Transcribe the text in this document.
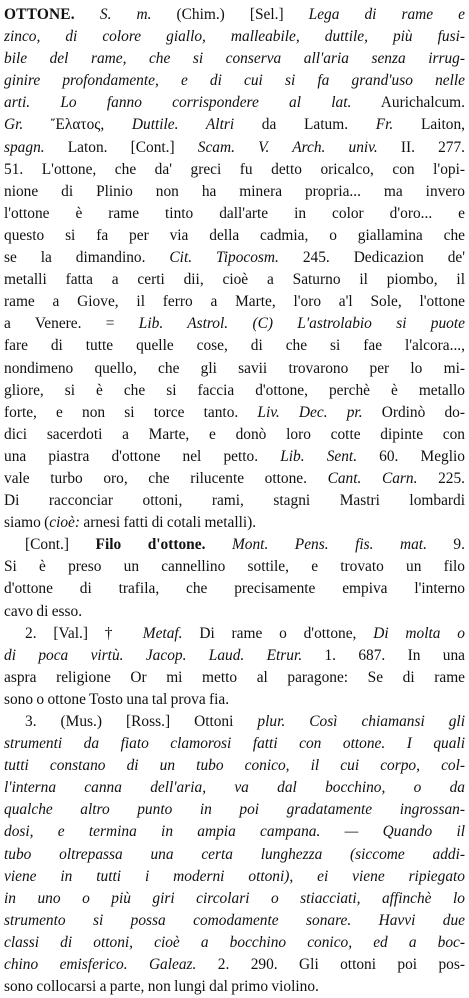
OTTONE. S. m. (Chim.) [Sel.] Lega di rame e
zinco, di colore giallo, malleabile, duttile, più fusi-
bile del rame, che si conserva all'aria senza irrug-
ginire profondamente, e di cui si fa grand'uso nelle
arti. Lo fanno corrispondere al lat. Aurichalcum.
Gr. Ἔλατος, Duttile. Altri da Latum. Fr. Laiton,
spagn. Laton. [Cont.] Scam. V. Arch. univ. II. 277.
51. L'ottone, che da' greci fu detto oricalco, con l'opi-
nione di Plinio non ha minera propria... ma invero
l'ottone è rame tinto dall'arte in color d'oro... e
questo si fa per via della cadmia, o giallamina che
se la dimandino. Cit. Tipocosm. 245. Dedicazion de'
metalli fatta a certi dii, cioè a Saturno il piombo, il
rame a Giove, il ferro a Marte, l'oro a'l Sole, l'ottone
a Venere. = Lib. Astrol. (C) L'astrolabio si puote
fare di tutte quelle cose, di che si fae l'alcora...,
nondimeno quello, che gli savii trovarono per lo mi-
gliore, si è che si faccia d'ottone, perchè è metallo
forte, e non si torce tanto. Liv. Dec. pr. Ordinò do-
dici sacerdoti a Marte, e donò loro cotte dipinte con
una piastra d'ottone nel petto. Lib. Sent. 60. Meglio
vale turbo oro, che rilucente ottone. Cant. Carn. 225.
Di racconciar ottoni, rami, stagni Mastri lombardi
siamo (cioè: arnesi fatti di cotali metalli).
[Cont.] Filo d'ottone. Mont. Pens. fis. mat. 9.
Si è preso un cannellino sottile, e trovato un filo
d'ottone di trafila, che precisamente empiva l'interno
cavo di esso.
2. [Val.] † Metaf. Di rame o d'ottone, Di molta o
di poca virtù. Jacop. Laud. Etrur. 1. 687. In una
aspra religione Or mi metto al paragone: Se di rame
sono o ottone Tosto una tal prova fia.
3. (Mus.) [Ross.] Ottoni plur. Così chiamansi gli
strumenti da fiato clamorosi fatti con ottone. I quali
tutti constano di un tubo conico, il cui corpo, col-
l'interna canna dell'aria, va dal bocchino, o da
qualche altro punto in poi gradatamente ingrossan-
dosi, e termina in ampia campana. — Quando il
tubo oltrepassa una certa lunghezza (siccome addi-
viene in tutti i moderni ottoni), ei viene ripiegato
in uno o più giri circolari o stiacciati, affinchè lo
strumento si possa comodamente sonare. Havvi due
classi di ottoni, cioè a bocchino conico, ed a boc-
chino emisferico. Galeaz. 2. 290. Gli ottoni poi pos-
sono collocarsi a parte, non lungi dal primo violino.
